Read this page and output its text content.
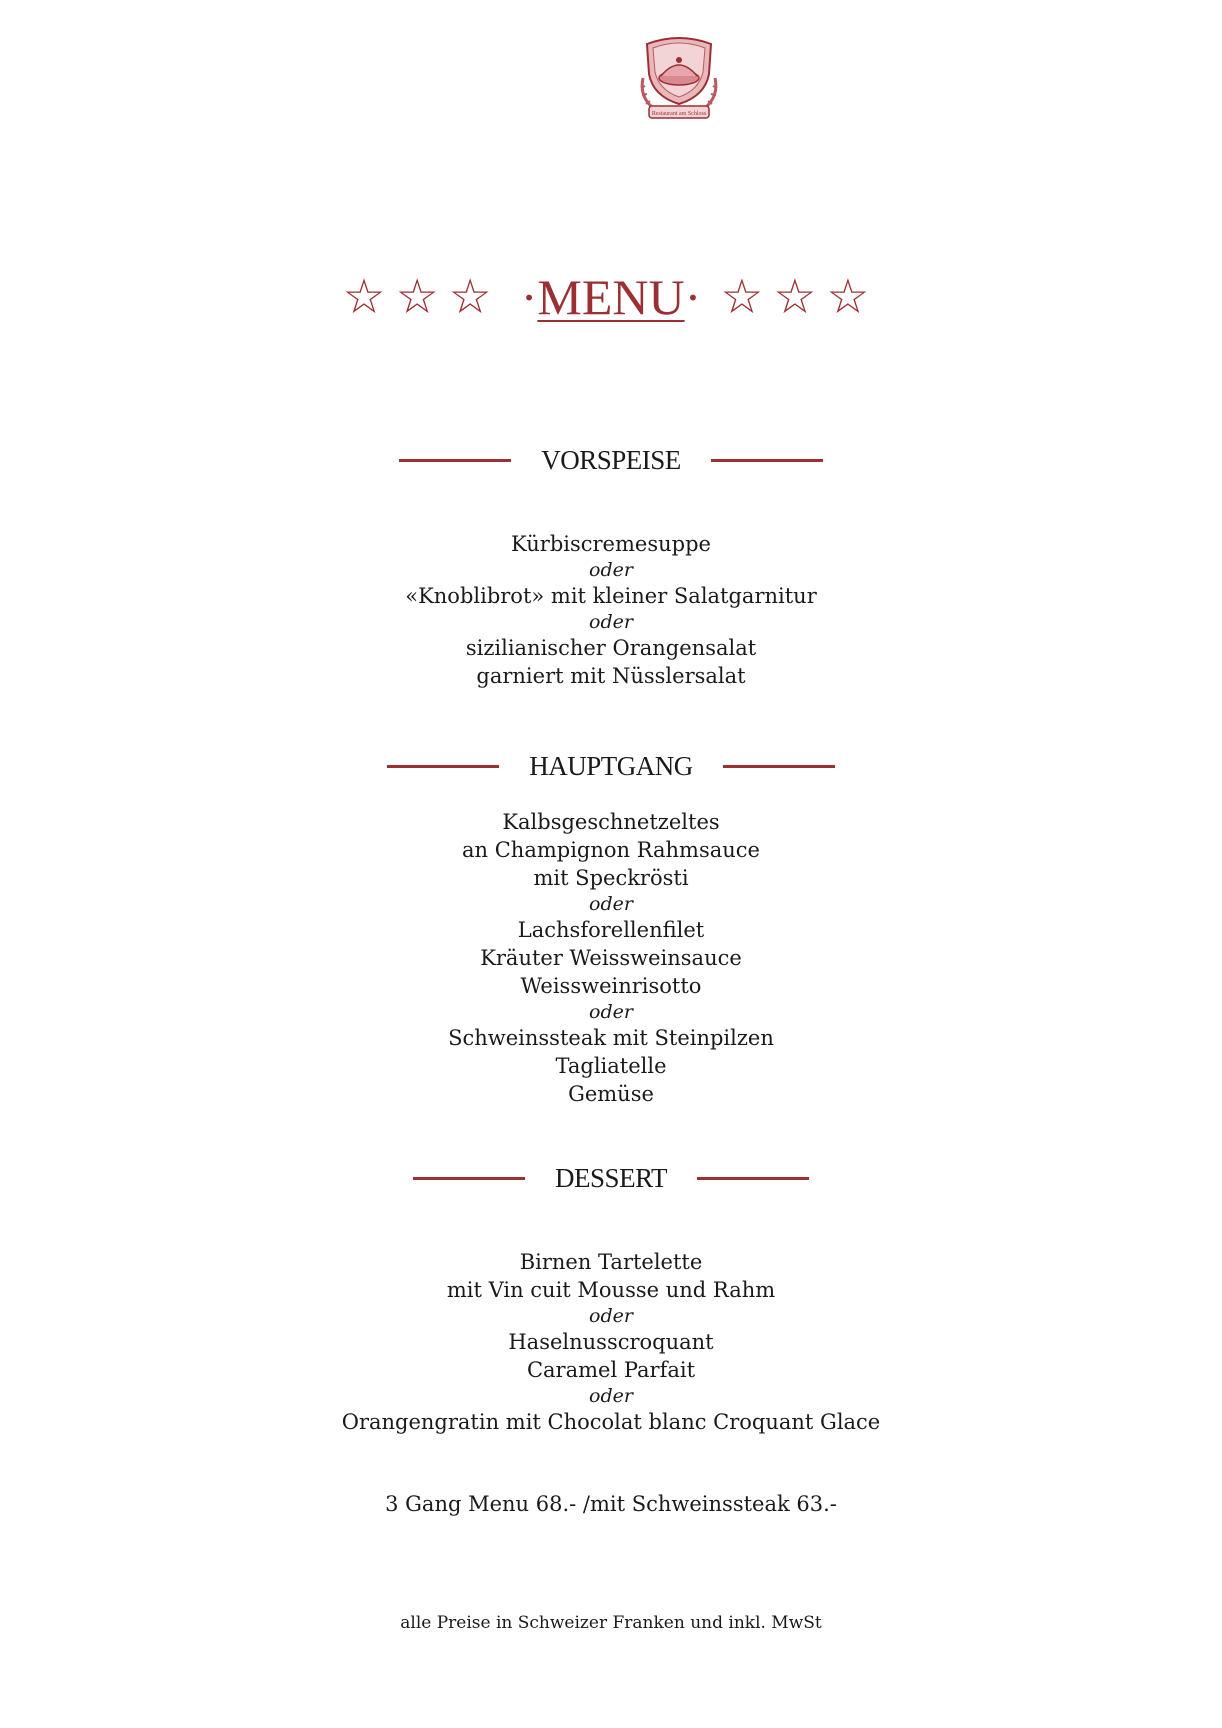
Restaurant am Schloss
☆☆☆ ·MENU· ☆☆☆
VORSPEISE
Kürbiscremesuppe
oder
«Knoblibrot» mit kleiner Salatgarnitur
oder
sizilianischer Orangensalat
garniert mit Nüsslersalat
HAUPTGANG
Kalbsgeschnetzeltes
an Champignon Rahmsauce
mit Speckrösti
oder
Lachsforellenfilet
Kräuter Weissweinsauce
Weissweinrisotto
oder
Schweinssteak mit Steinpilzen
Tagliatelle
Gemüse
DESSERT
Birnen Tartelette
mit Vin cuit Mousse und Rahm
oder
Haselnusscroquant
Caramel Parfait
oder
Orangengratin mit Chocolat blanc Croquant Glace
3 Gang Menu 68.- /mit Schweinssteak 63.-
alle Preise in Schweizer Franken und inkl. MwSt
